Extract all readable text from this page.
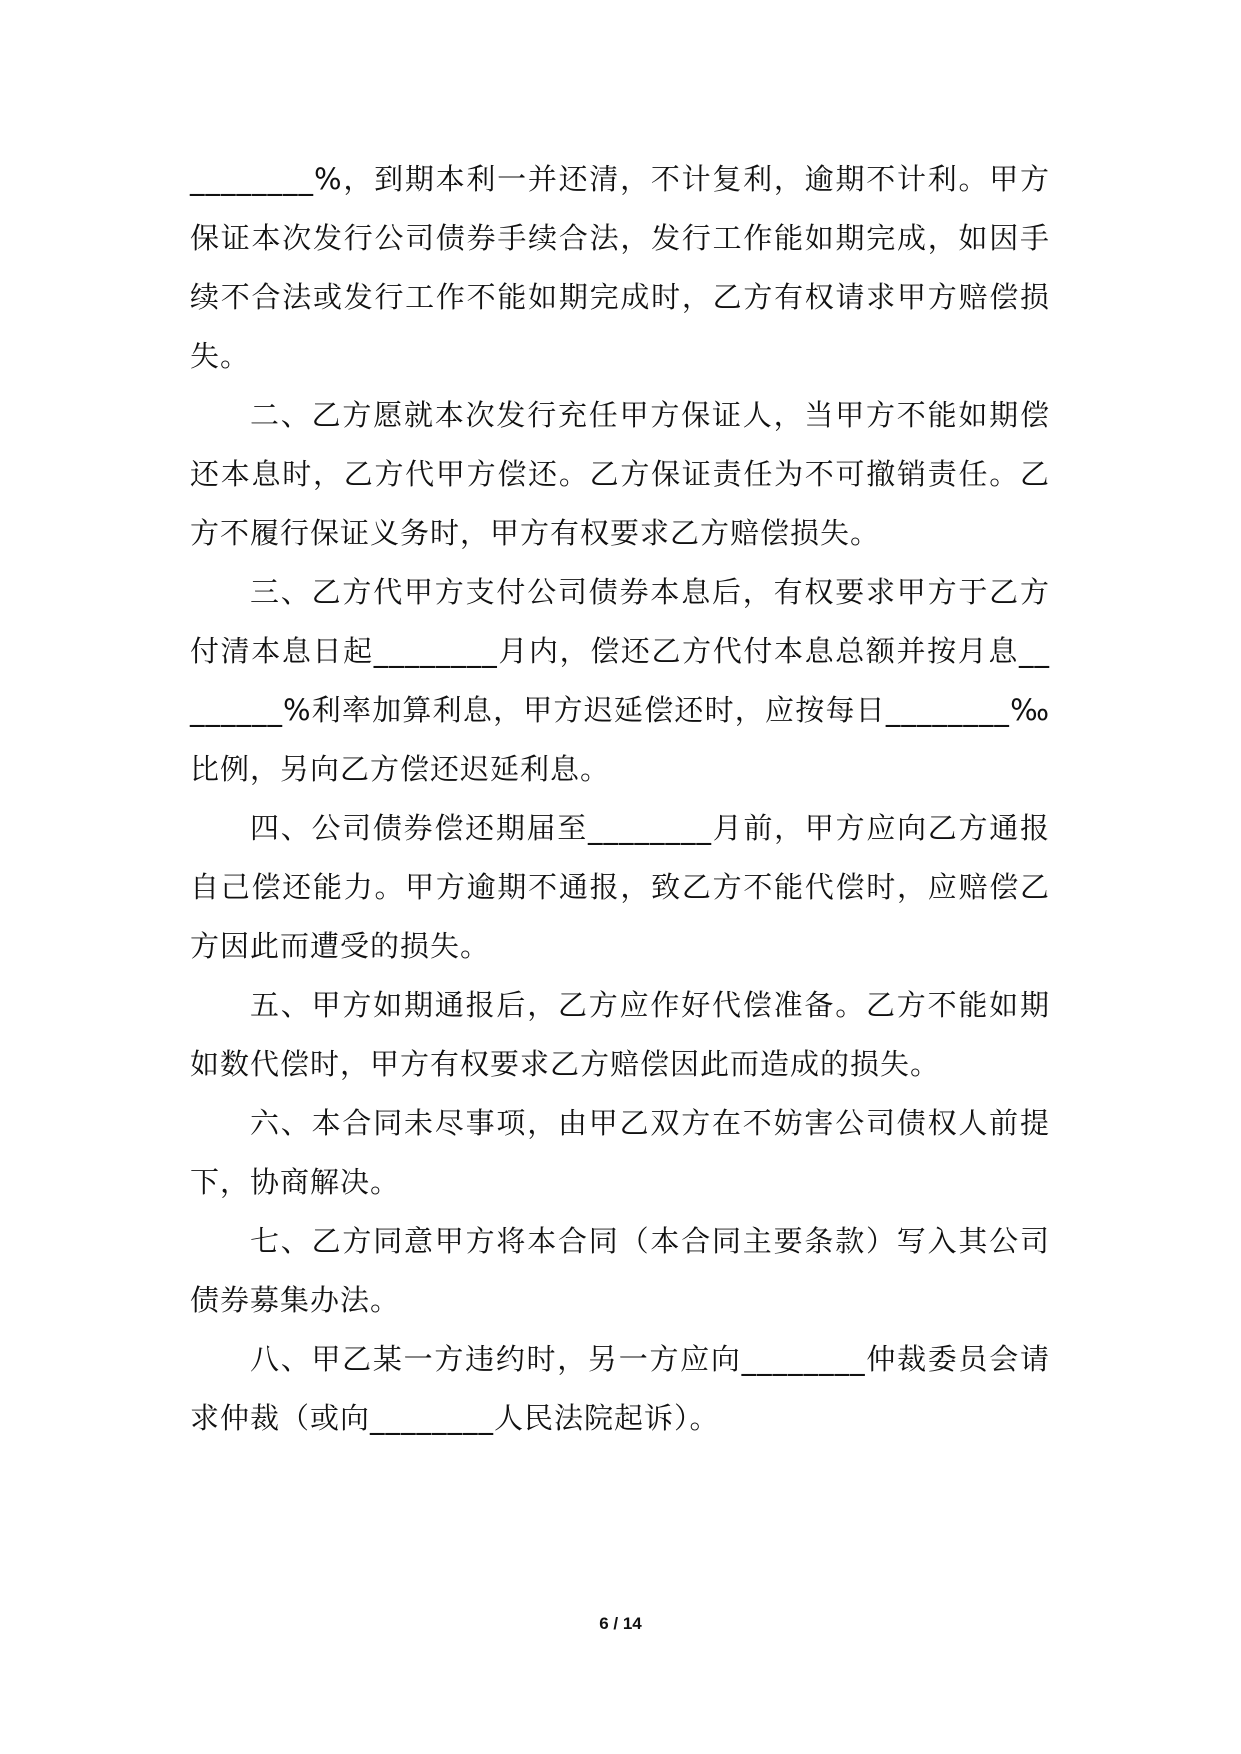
________%，到期本利一并还清，不计复利，逾期不计利。甲方保证本次发行公司债券手续合法，发行工作能如期完成，如因手续不合法或发行工作不能如期完成时，乙方有权请求甲方赔偿损失。

二、乙方愿就本次发行充任甲方保证人，当甲方不能如期偿还本息时，乙方代甲方偿还。乙方保证责任为不可撤销责任。乙方不履行保证义务时，甲方有权要求乙方赔偿损失。

三、乙方代甲方支付公司债券本息后，有权要求甲方于乙方付清本息日起________月内，偿还乙方代付本息总额并按月息________%利率加算利息，甲方迟延偿还时，应按每日________‰比例，另向乙方偿还迟延利息。

四、公司债券偿还期届至________月前，甲方应向乙方通报自己偿还能力。甲方逾期不通报，致乙方不能代偿时，应赔偿乙方因此而遭受的损失。

五、甲方如期通报后，乙方应作好代偿准备。乙方不能如期如数代偿时，甲方有权要求乙方赔偿因此而造成的损失。

六、本合同未尽事项，由甲乙双方在不妨害公司债权人前提下，协商解决。

七、乙方同意甲方将本合同（本合同主要条款）写入其公司债券募集办法。

八、甲乙某一方违约时，另一方应向________仲裁委员会请求仲裁（或向________人民法院起诉）。

6 / 14
